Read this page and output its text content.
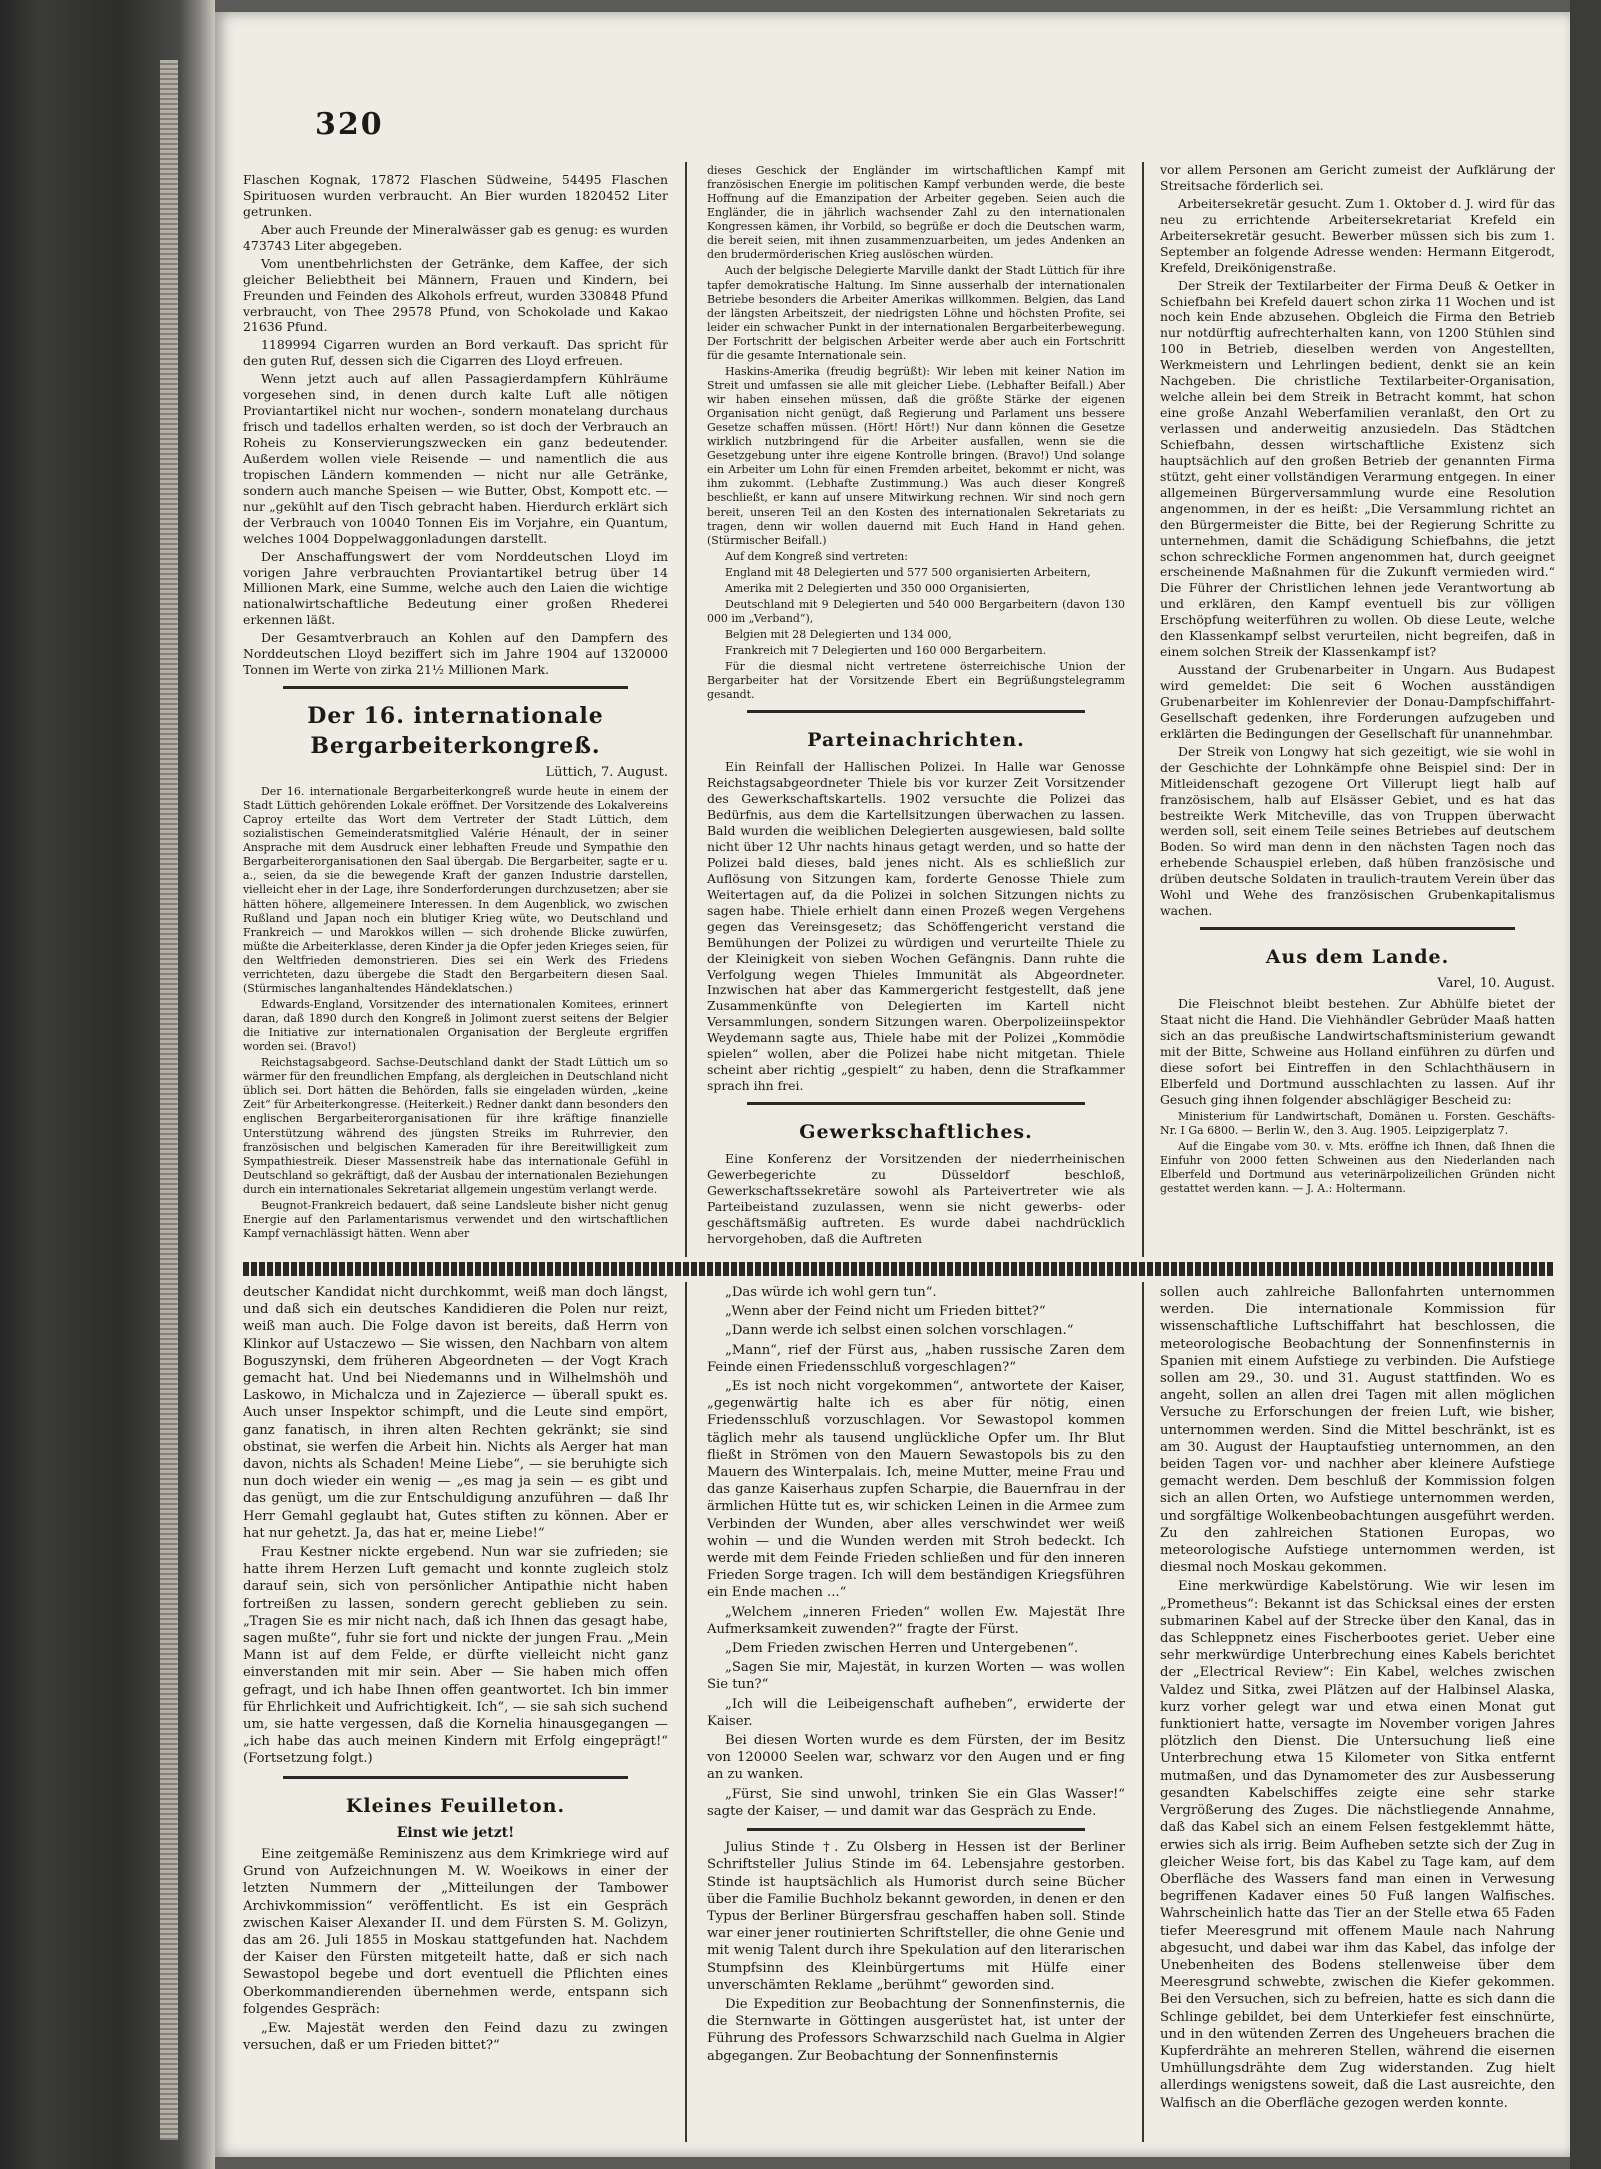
320

Flaschen Kognak, 17872 Flaschen Südweine, 54495 Flaschen Spirituosen wurden verbraucht. An Bier wurden 1820452 Liter getrunken.

Aber auch Freunde der Mineralwässer gab es genug: es wurden 473743 Liter abgegeben.

Vom unentbehrlichsten der Getränke, dem Kaffee, der sich gleicher Beliebtheit bei Männern, Frauen und Kindern, bei Freunden und Feinden des Alkohols erfreut, wurden 330848 Pfund verbraucht, von Thee 29578 Pfund, von Schokolade und Kakao 21636 Pfund.

1189994 Cigarren wurden an Bord verkauft. Das spricht für den guten Ruf, dessen sich die Cigarren des Lloyd erfreuen.

Wenn jetzt auch auf allen Passagierdampfern Kühlräume vorgesehen sind, in denen durch kalte Luft alle nötigen Proviantartikel nicht nur wochen-, sondern monatelang durchaus frisch und tadellos erhalten werden, so ist doch der Verbrauch an Roheis zu Konservierungszwecken ein ganz bedeutender. Außerdem wollen viele Reisende — und namentlich die aus tropischen Ländern kommenden — nicht nur alle Getränke, sondern auch manche Speisen — wie Butter, Obst, Kompott etc. — nur „gekühlt auf den Tisch gebracht haben. Hierdurch erklärt sich der Verbrauch von 10040 Tonnen Eis im Vorjahre, ein Quantum, welches 1004 Doppelwaggonladungen darstellt.

Der Anschaffungswert der vom Norddeutschen Lloyd im vorigen Jahre verbrauchten Proviantartikel betrug über 14 Millionen Mark, eine Summe, welche auch den Laien die wichtige nationalwirtschaftliche Bedeutung einer großen Rhederei erkennen läßt.

Der Gesamtverbrauch an Kohlen auf den Dampfern des Norddeutschen Lloyd beziffert sich im Jahre 1904 auf 1320000 Tonnen im Werte von zirka 21½ Millionen Mark.

Der 16. internationale Bergarbeiterkongreß.
Lüttich, 7. August.

Der 16. internationale Bergarbeiterkongreß wurde heute in einem der Stadt Lüttich gehörenden Lokale eröffnet. Der Vorsitzende des Lokalvereins Caproy erteilte das Wort dem Vertreter der Stadt Lüttich, dem sozialistischen Gemeinderatsmitglied Valérie Hénault, der in seiner Ansprache mit dem Ausdruck einer lebhaften Freude und Sympathie den Bergarbeiterorganisationen den Saal übergab. Die Bergarbeiter, sagte er u. a., seien, da sie die bewegende Kraft der ganzen Industrie darstellen, vielleicht eher in der Lage, ihre Sonderforderungen durchzusetzen; aber sie hätten höhere, allgemeinere Interessen. In dem Augenblick, wo zwischen Rußland und Japan noch ein blutiger Krieg wüte, wo Deutschland und Frankreich — und Marokkos willen — sich drohende Blicke zuwürfen, müßte die Arbeiterklasse, deren Kinder ja die Opfer jeden Krieges seien, für den Weltfrieden demonstrieren. Dies sei ein Werk des Friedens verrichteten, dazu übergebe die Stadt den Bergarbeitern diesen Saal. (Stürmisches langanhaltendes Händeklatschen.)

Edwards-England, Vorsitzender des internationalen Komitees, erinnert daran, daß 1890 durch den Kongreß in Jolimont zuerst seitens der Belgier die Initiative zur internationalen Organisation der Bergleute ergriffen worden sei. (Bravo!)

Reichstagsabgeord. Sachse-Deutschland dankt der Stadt Lüttich um so wärmer für den freundlichen Empfang, als dergleichen in Deutschland nicht üblich sei. Dort hätten die Behörden, falls sie eingeladen würden, „keine Zeit“ für Arbeiterkongresse. (Heiterkeit.) Redner dankt dann besonders den englischen Bergarbeiterorganisationen für ihre kräftige finanzielle Unterstützung während des jüngsten Streiks im Ruhrrevier, den französischen und belgischen Kameraden für ihre Bereitwilligkeit zum Sympathiestreik. Dieser Massenstreik habe das internationale Gefühl in Deutschland so gekräftigt, daß der Ausbau der internationalen Beziehungen durch ein internationales Sekretariat allgemein ungestüm verlangt werde.

Beugnot-Frankreich bedauert, daß seine Landsleute bisher nicht genug Energie auf den Parlamentarismus verwendet und den wirtschaftlichen Kampf vernachlässigt hätten. Wenn aber

dieses Geschick der Engländer im wirtschaftlichen Kampf mit französischen Energie im politischen Kampf verbunden werde, die beste Hoffnung auf die Emanzipation der Arbeiter gegeben. Seien auch die Engländer, die in jährlich wachsender Zahl zu den internationalen Kongressen kämen, ihr Vorbild, so begrüße er doch die Deutschen warm, die bereit seien, mit ihnen zusammenzuarbeiten, um jedes Andenken an den brudermörderischen Krieg auslöschen würden.

Auch der belgische Delegierte Marville dankt der Stadt Lüttich für ihre tapfer demokratische Haltung. Im Sinne ausserhalb der internationalen Betriebe besonders die Arbeiter Amerikas willkommen. Belgien, das Land der längsten Arbeitszeit, der niedrigsten Löhne und höchsten Profite, sei leider ein schwacher Punkt in der internationalen Bergarbeiterbewegung. Der Fortschritt der belgischen Arbeiter werde aber auch ein Fortschritt für die gesamte Internationale sein.

Haskins-Amerika (freudig begrüßt): Wir leben mit keiner Nation im Streit und umfassen sie alle mit gleicher Liebe. (Lebhafter Beifall.) Aber wir haben einsehen müssen, daß die größte Stärke der eigenen Organisation nicht genügt, daß Regierung und Parlament uns bessere Gesetze schaffen müssen. (Hört! Hört!) Nur dann können die Gesetze wirklich nutzbringend für die Arbeiter ausfallen, wenn sie die Gesetzgebung unter ihre eigene Kontrolle bringen. (Bravo!) Und solange ein Arbeiter um Lohn für einen Fremden arbeitet, bekommt er nicht, was ihm zukommt. (Lebhafte Zustimmung.) Was auch dieser Kongreß beschließt, er kann auf unsere Mitwirkung rechnen. Wir sind noch gern bereit, unseren Teil an den Kosten des internationalen Sekretariats zu tragen, denn wir wollen dauernd mit Euch Hand in Hand gehen. (Stürmischer Beifall.)

Auf dem Kongreß sind vertreten:

England mit 48 Delegierten und 577 500 organisierten Arbeitern,

Amerika mit 2 Delegierten und 350 000 Organisierten,

Deutschland mit 9 Delegierten und 540 000 Bergarbeitern (davon 130 000 im „Verband“),

Belgien mit 28 Delegierten und 134 000,

Frankreich mit 7 Delegierten und 160 000 Bergarbeitern.

Für die diesmal nicht vertretene österreichische Union der Bergarbeiter hat der Vorsitzende Ebert ein Begrüßungstelegramm gesandt.

Parteinachrichten.

Ein Reinfall der Hallischen Polizei. In Halle war Genosse Reichstagsabgeordneter Thiele bis vor kurzer Zeit Vorsitzender des Gewerkschaftskartells. 1902 versuchte die Polizei das Bedürfnis, aus dem die Kartellsitzungen überwachen zu lassen. Bald wurden die weiblichen Delegierten ausgewiesen, bald sollte nicht über 12 Uhr nachts hinaus getagt werden, und so hatte der Polizei bald dieses, bald jenes nicht. Als es schließlich zur Auflösung von Sitzungen kam, forderte Genosse Thiele zum Weitertagen auf, da die Polizei in solchen Sitzungen nichts zu sagen habe. Thiele erhielt dann einen Prozeß wegen Vergehens gegen das Vereinsgesetz; das Schöffengericht verstand die Bemühungen der Polizei zu würdigen und verurteilte Thiele zu der Kleinigkeit von sieben Wochen Gefängnis. Dann ruhte die Verfolgung wegen Thieles Immunität als Abgeordneter. Inzwischen hat aber das Kammergericht festgestellt, daß jene Zusammenkünfte von Delegierten im Kartell nicht Versammlungen, sondern Sitzungen waren. Oberpolizeiinspektor Weydemann sagte aus, Thiele habe mit der Polizei „Kommödie spielen“ wollen, aber die Polizei habe nicht mitgetan. Thiele scheint aber richtig „gespielt“ zu haben, denn die Strafkammer sprach ihn frei.

Gewerkschaftliches.

Eine Konferenz der Vorsitzenden der niederrheinischen Gewerbegerichte zu Düsseldorf beschloß, Gewerkschaftssekretäre sowohl als Parteivertreter wie als Parteibeistand zuzulassen, wenn sie nicht gewerbs- oder geschäftsmäßig auftreten. Es wurde dabei nachdrücklich hervorgehoben, daß die Auftreten

vor allem Personen am Gericht zumeist der Aufklärung der Streitsache förderlich sei.

Arbeitersekretär gesucht. Zum 1. Oktober d. J. wird für das neu zu errichtende Arbeitersekretariat Krefeld ein Arbeitersekretär gesucht. Bewerber müssen sich bis zum 1. September an folgende Adresse wenden: Hermann Eitgerodt, Krefeld, Dreikönigenstraße.

Der Streik der Textilarbeiter der Firma Deuß & Oetker in Schiefbahn bei Krefeld dauert schon zirka 11 Wochen und ist noch kein Ende abzusehen. Obgleich die Firma den Betrieb nur notdürftig aufrechterhalten kann, von 1200 Stühlen sind 100 in Betrieb, dieselben werden von Angestellten, Werkmeistern und Lehrlingen bedient, denkt sie an kein Nachgeben. Die christliche Textilarbeiter-Organisation, welche allein bei dem Streik in Betracht kommt, hat schon eine große Anzahl Weberfamilien veranlaßt, den Ort zu verlassen und anderweitig anzusiedeln. Das Städtchen Schiefbahn, dessen wirtschaftliche Existenz sich hauptsächlich auf den großen Betrieb der genannten Firma stützt, geht einer vollständigen Verarmung entgegen. In einer allgemeinen Bürgerversammlung wurde eine Resolution angenommen, in der es heißt: „Die Versammlung richtet an den Bürgermeister die Bitte, bei der Regierung Schritte zu unternehmen, damit die Schädigung Schiefbahns, die jetzt schon schreckliche Formen angenommen hat, durch geeignet erscheinende Maßnahmen für die Zukunft vermieden wird.“ Die Führer der Christlichen lehnen jede Verantwortung ab und erklären, den Kampf eventuell bis zur völligen Erschöpfung weiterführen zu wollen. Ob diese Leute, welche den Klassenkampf selbst verurteilen, nicht begreifen, daß in einem solchen Streik der Klassenkampf ist?

Ausstand der Grubenarbeiter in Ungarn. Aus Budapest wird gemeldet: Die seit 6 Wochen ausständigen Grubenarbeiter im Kohlenrevier der Donau-Dampfschiffahrt-Gesellschaft gedenken, ihre Forderungen aufzugeben und erklärten die Bedingungen der Gesellschaft für unannehmbar.

Der Streik von Longwy hat sich gezeitigt, wie sie wohl in der Geschichte der Lohnkämpfe ohne Beispiel sind: Der in Mitleidenschaft gezogene Ort Villerupt liegt halb auf französischem, halb auf Elsässer Gebiet, und es hat das bestreikte Werk Mitcheville, das von Truppen überwacht werden soll, seit einem Teile seines Betriebes auf deutschem Boden. So wird man denn in den nächsten Tagen noch das erhebende Schauspiel erleben, daß hüben französische und drüben deutsche Soldaten in traulich-trautem Verein über das Wohl und Wehe des französischen Grubenkapitalismus wachen.

Aus dem Lande.
Varel, 10. August.

Die Fleischnot bleibt bestehen. Zur Abhülfe bietet der Staat nicht die Hand. Die Viehhändler Gebrüder Maaß hatten sich an das preußische Landwirtschaftsministerium gewandt mit der Bitte, Schweine aus Holland einführen zu dürfen und diese sofort bei Eintreffen in den Schlachthäusern in Elberfeld und Dortmund ausschlachten zu lassen. Auf ihr Gesuch ging ihnen folgender abschlägiger Bescheid zu:

Ministerium für Landwirtschaft, Domänen u. Forsten. Geschäfts-Nr. I Ga 6800. — Berlin W., den 3. Aug. 1905. Leipzigerplatz 7.

Auf die Eingabe vom 30. v. Mts. eröffne ich Ihnen, daß Ihnen die Einfuhr von 2000 fetten Schweinen aus den Niederlanden nach Elberfeld und Dortmund aus veterinärpolizeilichen Gründen nicht gestattet werden kann. — J. A.: Holtermann.

deutscher Kandidat nicht durchkommt, weiß man doch längst, und daß sich ein deutsches Kandidieren die Polen nur reizt, weiß man auch. Die Folge davon ist bereits, daß Herrn von Klinkor auf Ustaczewo — Sie wissen, den Nachbarn von altem Boguszynski, dem früheren Abgeordneten — der Vogt Krach gemacht hat. Und bei Niedemanns und in Wilhelmshöh und Laskowo, in Michalcza und in Zajezierce — überall spukt es. Auch unser Inspektor schimpft, und die Leute sind empört, ganz fanatisch, in ihren alten Rechten gekränkt; sie sind obstinat, sie werfen die Arbeit hin. Nichts als Aerger hat man davon, nichts als Schaden! Meine Liebe“, — sie beruhigte sich nun doch wieder ein wenig — „es mag ja sein — es gibt und das genügt, um die zur Entschuldigung anzuführen — daß Ihr Herr Gemahl geglaubt hat, Gutes stiften zu können. Aber er hat nur gehetzt. Ja, das hat er, meine Liebe!“

Frau Kestner nickte ergebend. Nun war sie zufrieden; sie hatte ihrem Herzen Luft gemacht und konnte zugleich stolz darauf sein, sich von persönlicher Antipathie nicht haben fortreißen zu lassen, sondern gerecht geblieben zu sein. „Tragen Sie es mir nicht nach, daß ich Ihnen das gesagt habe, sagen mußte“, fuhr sie fort und nickte der jungen Frau. „Mein Mann ist auf dem Felde, er dürfte vielleicht nicht ganz einverstanden mit mir sein. Aber — Sie haben mich offen gefragt, und ich habe Ihnen offen geantwortet. Ich bin immer für Ehrlichkeit und Aufrichtigkeit. Ich“, — sie sah sich suchend um, sie hatte vergessen, daß die Kornelia hinausgegangen — „ich habe das auch meinen Kindern mit Erfolg eingeprägt!“ (Fortsetzung folgt.)

Kleines Feuilleton.
Einst wie jetzt!

Eine zeitgemäße Reminiszenz aus dem Krimkriege wird auf Grund von Aufzeichnungen M. W. Woeikows in einer der letzten Nummern der „Mitteilungen der Tambower Archivkommission“ veröffentlicht. Es ist ein Gespräch zwischen Kaiser Alexander II. und dem Fürsten S. M. Golizyn, das am 26. Juli 1855 in Moskau stattgefunden hat. Nachdem der Kaiser den Fürsten mitgeteilt hatte, daß er sich nach Sewastopol begebe und dort eventuell die Pflichten eines Oberkommandierenden übernehmen werde, entspann sich folgendes Gespräch:

„Ew. Majestät werden den Feind dazu zu zwingen versuchen, daß er um Frieden bittet?“

„Das würde ich wohl gern tun“.

„Wenn aber der Feind nicht um Frieden bittet?“

„Dann werde ich selbst einen solchen vorschlagen.“

„Mann“, rief der Fürst aus, „haben russische Zaren dem Feinde einen Friedensschluß vorgeschlagen?“

„Es ist noch nicht vorgekommen“, antwortete der Kaiser, „gegenwärtig halte ich es aber für nötig, einen Friedensschluß vorzuschlagen. Vor Sewastopol kommen täglich mehr als tausend unglückliche Opfer um. Ihr Blut fließt in Strömen von den Mauern Sewastopols bis zu den Mauern des Winterpalais. Ich, meine Mutter, meine Frau und das ganze Kaiserhaus zupfen Scharpie, die Bauernfrau in der ärmlichen Hütte tut es, wir schicken Leinen in die Armee zum Verbinden der Wunden, aber alles verschwindet wer weiß wohin — und die Wunden werden mit Stroh bedeckt. Ich werde mit dem Feinde Frieden schließen und für den inneren Frieden Sorge tragen. Ich will dem beständigen Kriegsführen ein Ende machen ...“

„Welchem „inneren Frieden“ wollen Ew. Majestät Ihre Aufmerksamkeit zuwenden?“ fragte der Fürst.

„Dem Frieden zwischen Herren und Untergebenen“.

„Sagen Sie mir, Majestät, in kurzen Worten — was wollen Sie tun?“

„Ich will die Leibeigenschaft aufheben“, erwiderte der Kaiser.

Bei diesen Worten wurde es dem Fürsten, der im Besitz von 120000 Seelen war, schwarz vor den Augen und er fing an zu wanken.

„Fürst, Sie sind unwohl, trinken Sie ein Glas Wasser!“ sagte der Kaiser, — und damit war das Gespräch zu Ende.

Julius Stinde †. Zu Olsberg in Hessen ist der Berliner Schriftsteller Julius Stinde im 64. Lebensjahre gestorben. Stinde ist hauptsächlich als Humorist durch seine Bücher über die Familie Buchholz bekannt geworden, in denen er den Typus der Berliner Bürgersfrau geschaffen haben soll. Stinde war einer jener routinierten Schriftsteller, die ohne Genie und mit wenig Talent durch ihre Spekulation auf den literarischen Stumpfsinn des Kleinbürgertums mit Hülfe einer unverschämten Reklame „berühmt“ geworden sind.

Die Expedition zur Beobachtung der Sonnenfinsternis, die die Sternwarte in Göttingen ausgerüstet hat, ist unter der Führung des Professors Schwarzschild nach Guelma in Algier abgegangen. Zur Beobachtung der Sonnenfinsternis

sollen auch zahlreiche Ballonfahrten unternommen werden. Die internationale Kommission für wissenschaftliche Luftschiffahrt hat beschlossen, die meteorologische Beobachtung der Sonnenfinsternis in Spanien mit einem Aufstiege zu verbinden. Die Aufstiege sollen am 29., 30. und 31. August stattfinden. Wo es angeht, sollen an allen drei Tagen mit allen möglichen Versuche zu Erforschungen der freien Luft, wie bisher, unternommen werden. Sind die Mittel beschränkt, ist es am 30. August der Hauptaufstieg unternommen, an den beiden Tagen vor- und nachher aber kleinere Aufstiege gemacht werden. Dem beschluß der Kommission folgen sich an allen Orten, wo Aufstiege unternommen werden, und sorgfältige Wolkenbeobachtungen ausgeführt werden. Zu den zahlreichen Stationen Europas, wo meteorologische Aufstiege unternommen werden, ist diesmal noch Moskau gekommen.

Eine merkwürdige Kabelstörung. Wie wir lesen im „Prometheus“: Bekannt ist das Schicksal eines der ersten submarinen Kabel auf der Strecke über den Kanal, das in das Schleppnetz eines Fischerbootes geriet. Ueber eine sehr merkwürdige Unterbrechung eines Kabels berichtet der „Electrical Review“: Ein Kabel, welches zwischen Valdez und Sitka, zwei Plätzen auf der Halbinsel Alaska, kurz vorher gelegt war und etwa einen Monat gut funktioniert hatte, versagte im November vorigen Jahres plötzlich den Dienst. Die Untersuchung ließ eine Unterbrechung etwa 15 Kilometer von Sitka entfernt mutmaßen, und das Dynamometer des zur Ausbesserung gesandten Kabelschiffes zeigte eine sehr starke Vergrößerung des Zuges. Die nächstliegende Annahme, daß das Kabel sich an einem Felsen festgeklemmt hätte, erwies sich als irrig. Beim Aufheben setzte sich der Zug in gleicher Weise fort, bis das Kabel zu Tage kam, auf dem Oberfläche des Wassers fand man einen in Verwesung begriffenen Kadaver eines 50 Fuß langen Walfisches. Wahrscheinlich hatte das Tier an der Stelle etwa 65 Faden tiefer Meeresgrund mit offenem Maule nach Nahrung abgesucht, und dabei war ihm das Kabel, das infolge der Unebenheiten des Bodens stellenweise über dem Meeresgrund schwebte, zwischen die Kiefer gekommen. Bei den Versuchen, sich zu befreien, hatte es sich dann die Schlinge gebildet, bei dem Unterkiefer fest einschnürte, und in den wütenden Zerren des Ungeheuers brachen die Kupferdrähte an mehreren Stellen, während die eisernen Umhüllungsdrähte dem Zug widerstanden. Zug hielt allerdings wenigstens soweit, daß die Last ausreichte, den Walfisch an die Oberfläche gezogen werden konnte.
